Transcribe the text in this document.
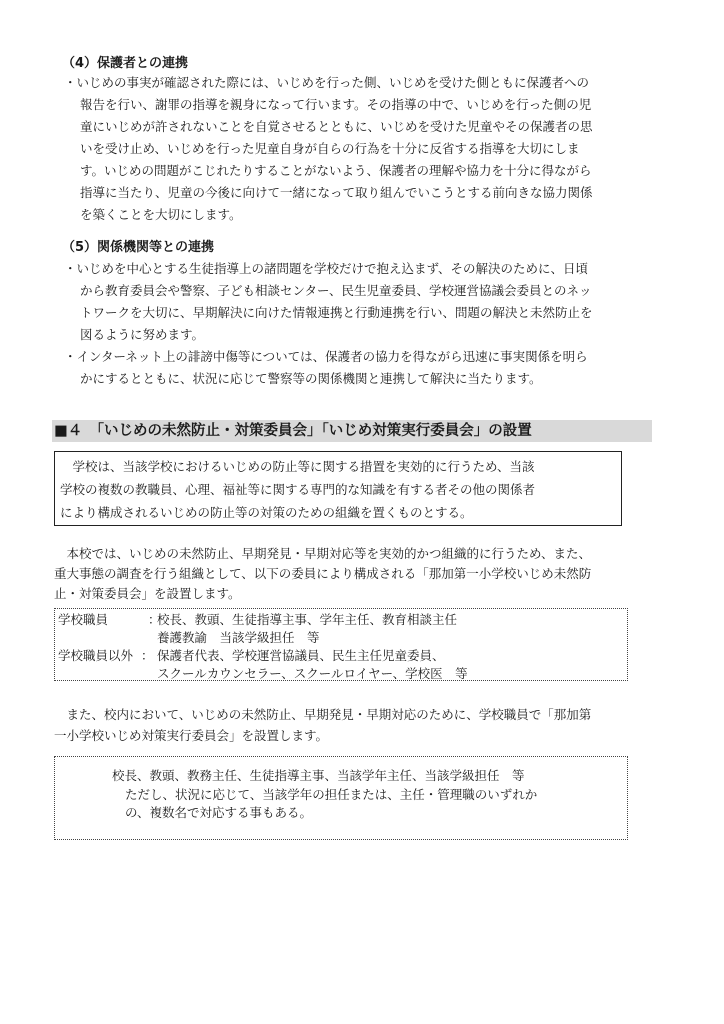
（4）保護者との連携
・いじめの事実が確認された際には、いじめを行った側、いじめを受けた側ともに保護者への
報告を行い、謝罪の指導を親身になって行います。その指導の中で、いじめを行った側の児
童にいじめが許されないことを自覚させるとともに、いじめを受けた児童やその保護者の思
いを受け止め、いじめを行った児童自身が自らの行為を十分に反省する指導を大切にしま
す。いじめの問題がこじれたりすることがないよう、保護者の理解や協力を十分に得ながら
指導に当たり、児童の今後に向けて一緒になって取り組んでいこうとする前向きな協力関係
を築くことを大切にします。
（5）関係機関等との連携
・いじめを中心とする生徒指導上の諸問題を学校だけで抱え込まず、その解決のために、日頃
から教育委員会や警察、子ども相談センター、民生児童委員、学校運営協議会委員とのネッ
トワークを大切に、早期解決に向けた情報連携と行動連携を行い、問題の解決と未然防止を
図るように努めます。
・インターネット上の誹謗中傷等については、保護者の協力を得ながら迅速に事実関係を明ら
かにするとともに、状況に応じて警察等の関係機関と連携して解決に当たります。
■４　「いじめの未然防止・対策委員会」「いじめ対策実行委員会」の設置
　学校は、当該学校におけるいじめの防止等に関する措置を実効的に行うため、当該
学校の複数の教職員、心理、福祉等に関する専門的な知識を有する者その他の関係者
により構成されるいじめの防止等の対策のための組織を置くものとする。
　本校では、いじめの未然防止、早期発見・早期対応等を実効的かつ組織的に行うため、また、
重大事態の調査を行う組織として、以下の委員により構成される「那加第一小学校いじめ未然防
止・対策委員会」を設置します。
学校職員	：
校長、教頭、生徒指導主事、学年主任、教育相談主任
養護教諭　当該学級担任　等
学校職員以外 ： 保護者代表、学校運営協議員、民生主任児童委員、
スクールカウンセラー、スクールロイヤー、学校医　等
　また、校内において、いじめの未然防止、早期発見・早期対応のために、学校職員で「那加第
一小学校いじめ対策実行委員会」を設置します。
校長、教頭、教務主任、生徒指導主事、当該学年主任、当該学級担任　等
ただし、状況に応じて、当該学年の担任または、主任・管理職のいずれか
の、複数名で対応する事もある。
